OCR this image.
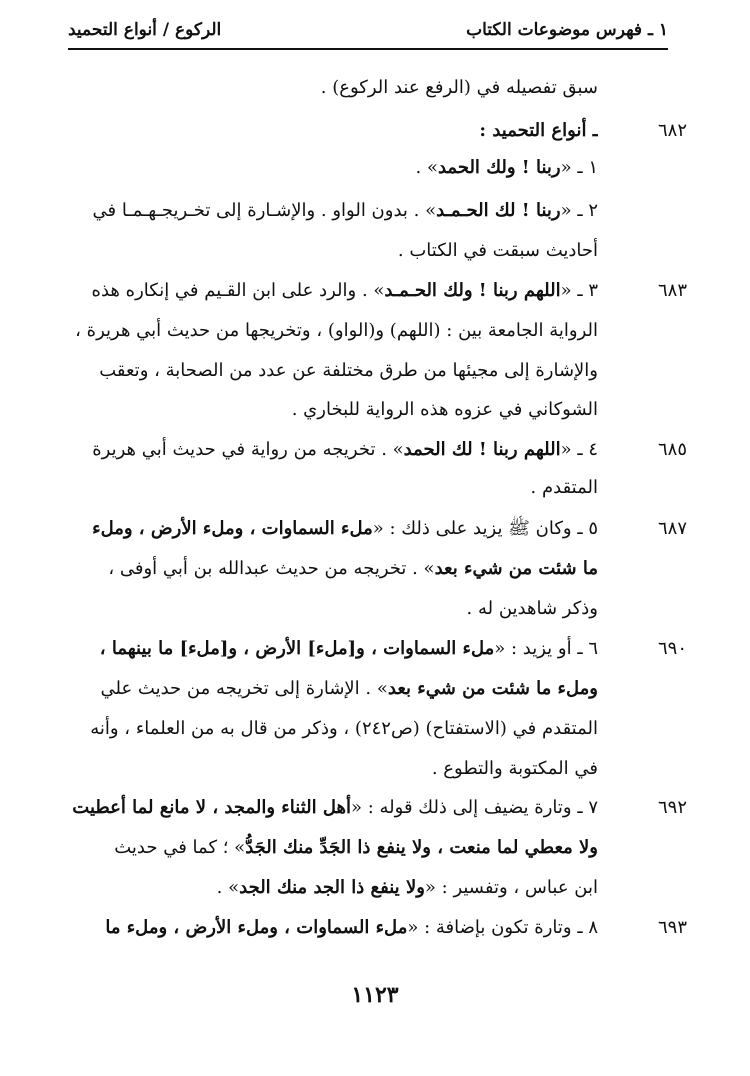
١ ـ فهرس موضوعات الكتاب
الركوع / أنواع التحميد
سبق تفصيله في (الرفع عند الركوع) .
٦٨٢
ـ أنواع التحميد :
١ ـ «ربنا ! ولك الحمد» .
٢ ـ «ربنا ! لك الحـمـد» . بدون الواو . والإشـارة إلى تخـريجـهـمـا في
أحاديث سبقت في الكتاب .
٦٨٣
٣ ـ «اللهم ربنا ! ولك الحـمـد» . والرد على ابن القـيم في إنكاره هذه
الرواية الجامعة بين : (اللهم) و(الواو) ، وتخريجها من حديث أبي هريرة ،
والإشارة إلى مجيئها من طرق مختلفة عن عدد من الصحابة ، وتعقب
الشوكاني في عزوه هذه الرواية للبخاري .
٦٨٥
٤ ـ «اللهم ربنا ! لك الحمد» . تخريجه من رواية في حديث أبي هريرة
المتقدم .
٦٨٧
٥ ـ وكان ﷺ يزيد على ذلك : «ملء السماوات ، وملء الأرض ، وملء
ما شئت من شيء بعد» . تخريجه من حديث عبدالله بن أبي أوفى ،
وذكر شاهدين له .
٦٩٠
٦ ـ أو يزيد : «ملء السماوات ، و[ملء] الأرض ، و[ملء] ما بينهما ،
وملء ما شئت من شيء بعد» . الإشارة إلى تخريجه من حديث علي
المتقدم في (الاستفتاح) (ص٢٤٢) ، وذكر من قال به من العلماء ، وأنه
في المكتوبة والتطوع .
٦٩٢
٧ ـ وتارة يضيف إلى ذلك قوله : «أهل الثناء والمجد ، لا مانع لما أعطيت
ولا معطي لما منعت ، ولا ينفع ذا الجَدِّ منك الجَدُّ» ؛ كما في حديث
ابن عباس ، وتفسير : «ولا ينفع ذا الجد منك الجد» .
٦٩٣
٨ ـ وتارة تكون بإضافة : «ملء السماوات ، وملء الأرض ، وملء ما
١١٢٣
